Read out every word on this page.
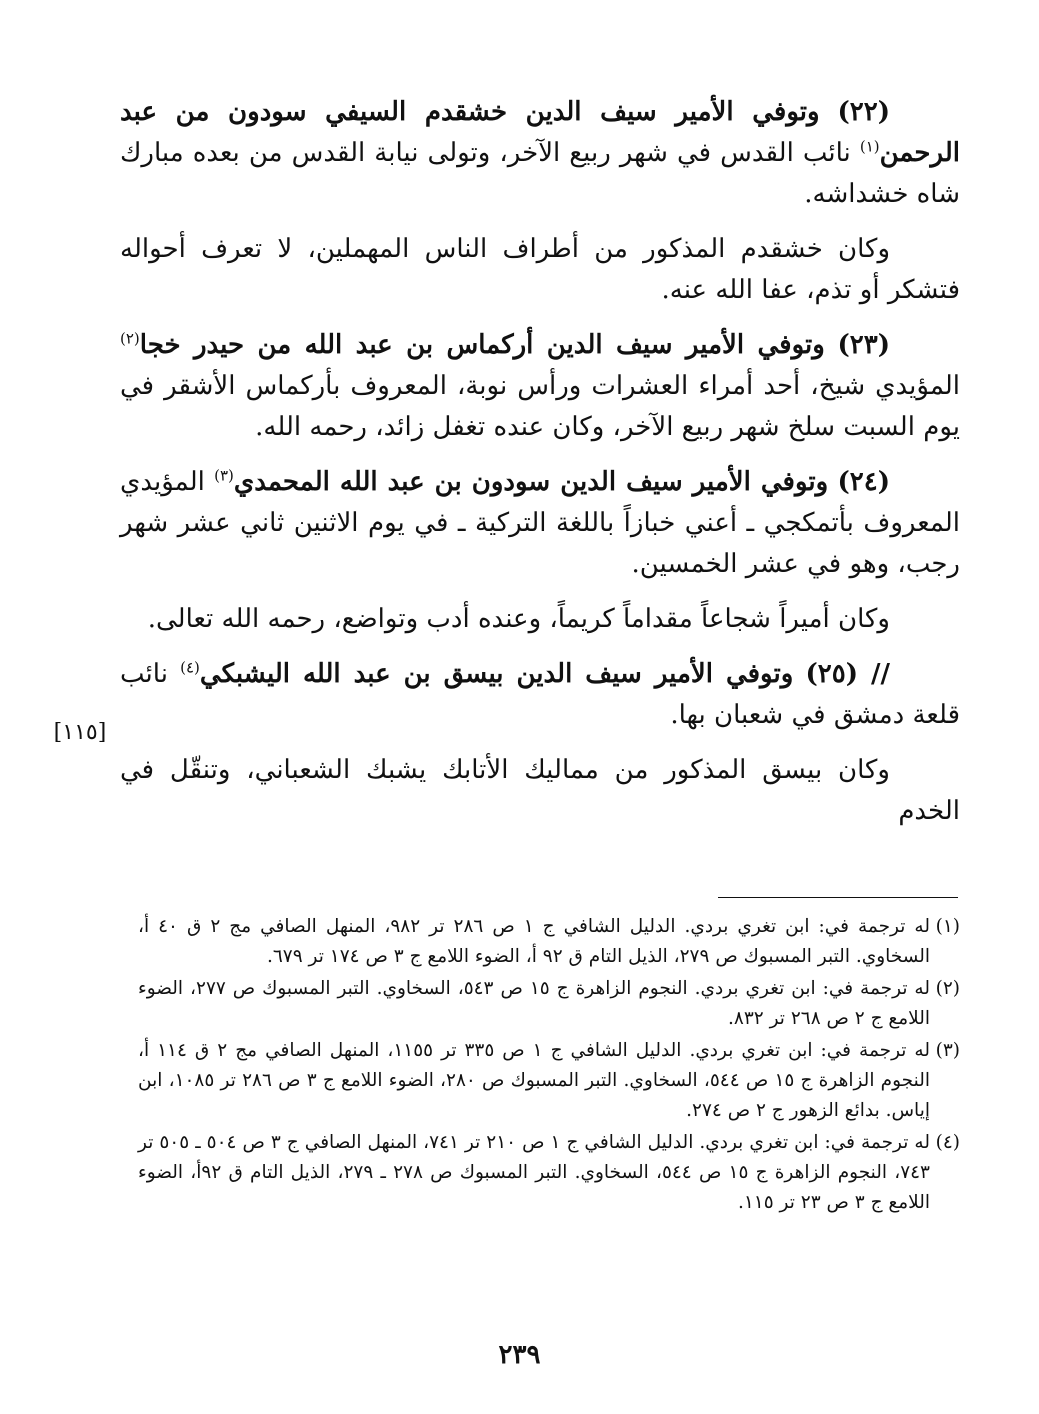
(٢٢) وتوفي الأمير سيف الدين خشقدم السيفي سودون من عبد الرحمن$^{(١)}$ نائب القدس في شهر ربيع الآخر، وتولى نيابة القدس من بعده مبارك شاه خشداشه.

وكان خشقدم المذكور من أطراف الناس المهملين، لا تعرف أحواله فتشكر أو تذم، عفا الله عنه.

(٢٣) وتوفي الأمير سيف الدين أركماس بن عبد الله من حيدر خجا$^{(٢)}$ المؤيدي شيخ، أحد أمراء العشرات ورأس نوبة، المعروف بأركماس الأشقر في يوم السبت سلخ شهر ربيع الآخر، وكان عنده تغفل زائد، رحمه الله.

(٢٤) وتوفي الأمير سيف الدين سودون بن عبد الله المحمدي$^{(٣)}$ المؤيدي المعروف بأتمكجي ـ أعني خبازاً باللغة التركية ـ في يوم الاثنين ثاني عشر شهر رجب، وهو في عشر الخمسين.

وكان أميراً شجاعاً مقداماً كريماً، وعنده أدب وتواضع، رحمه الله تعالى.

// (٢٥) وتوفي الأمير سيف الدين بيسق بن عبد الله اليشبكي$^{(٤)}$ نائب قلعة دمشق في شعبان بها.

وكان بيسق المذكور من مماليك الأتابك يشبك الشعباني، وتنقّل في الخدم

[١١٥]

(١)
له ترجمة في: ابن تغري بردي. الدليل الشافي ج ١ ص ٢٨٦ تر ٩٨٢، المنهل الصافي مج ٢ ق ٤٠ أ، السخاوي. التبر المسبوك ص ٢٧٩، الذيل التام ق ٩٢ أ، الضوء اللامع ج ٣ ص ١٧٤ تر ٦٧٩.

(٢)
له ترجمة في: ابن تغري بردي. النجوم الزاهرة ج ١٥ ص ٥٤٣، السخاوي. التبر المسبوك ص ٢٧٧، الضوء اللامع ج ٢ ص ٢٦٨ تر ٨٣٢.

(٣)
له ترجمة في: ابن تغري بردي. الدليل الشافي ج ١ ص ٣٣٥ تر ١١٥٥، المنهل الصافي مج ٢ ق ١١٤ أ، النجوم الزاهرة ج ١٥ ص ٥٤٤، السخاوي. التبر المسبوك ص ٢٨٠، الضوء اللامع ج ٣ ص ٢٨٦ تر ١٠٨٥، ابن إياس. بدائع الزهور ج ٢ ص ٢٧٤.

(٤)
له ترجمة في: ابن تغري بردي. الدليل الشافي ج ١ ص ٢١٠ تر ٧٤١، المنهل الصافي ج ٣ ص ٥٠٤ ـ ٥٠٥ تر ٧٤٣، النجوم الزاهرة ج ١٥ ص ٥٤٤، السخاوي. التبر المسبوك ص ٢٧٨ ـ ٢٧٩، الذيل التام ق ٩٢أ، الضوء اللامع ج ٣ ص ٢٣ تر ١١٥.

٢٣٩
